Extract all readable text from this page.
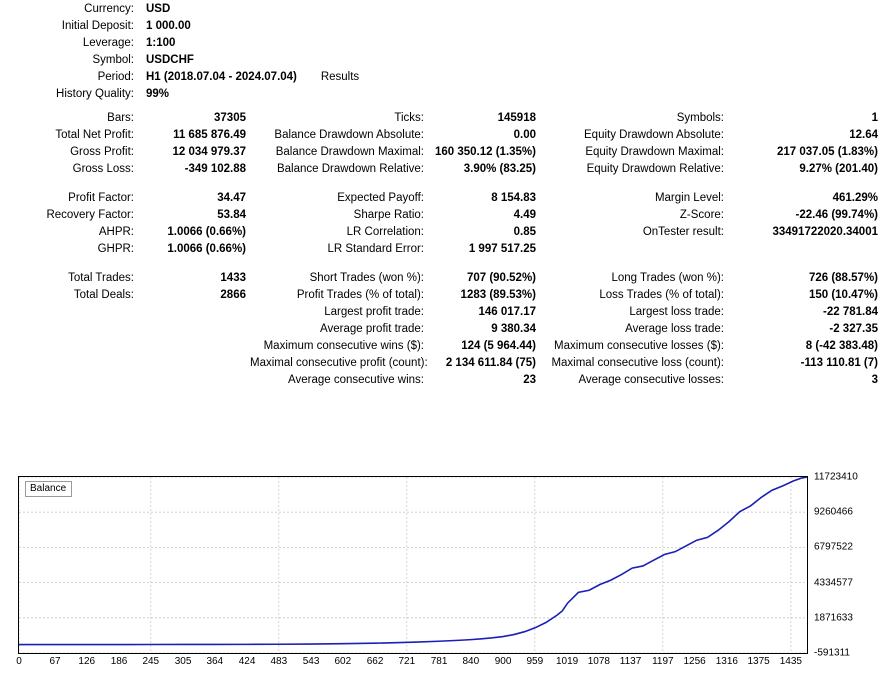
Currency:	USD				
Initial Deposit:	1 000.00				
Leverage:	1:100				
Symbol:	USDCHF				
Period:	H1 (2018.07.04 - 2024.07.04)	Results			
History Quality:	99%				

Bars:	37305	Ticks:	145918	Symbols:	1
Total Net Profit:	11 685 876.49	Balance Drawdown Absolute:	0.00	Equity Drawdown Absolute:	12.64
Gross Profit:	12 034 979.37	Balance Drawdown Maximal:	160 350.12 (1.35%)	Equity Drawdown Maximal:	217 037.05 (1.83%)
Gross Loss:	-349 102.88	Balance Drawdown Relative:	3.90% (83.25)	Equity Drawdown Relative:	9.27% (201.40)

Profit Factor:	34.47	Expected Payoff:	8 154.83	Margin Level:	461.29%
Recovery Factor:	53.84	Sharpe Ratio:	4.49	Z-Score:	-22.46 (99.74%)
AHPR:	1.0066 (0.66%)	LR Correlation:	0.85	OnTester result:	33491722020.34001
GHPR:	1.0066 (0.66%)	LR Standard Error:	1 997 517.25		

Total Trades:	1433	Short Trades (won %):	707 (90.52%)	Long Trades (won %):	726 (88.57%)
Total Deals:	2866	Profit Trades (% of total):	1283 (89.53%)	Loss Trades (% of total):	150 (10.47%)
		Largest profit trade:	146 017.17	Largest loss trade:	-22 781.84
		Average profit trade:	9 380.34	Average loss trade:	-2 327.35
		Maximum consecutive wins ($):	124 (5 964.44)	Maximum consecutive losses ($):	8 (-42 383.48)
		Maximal consecutive profit (count):	2 134 611.84 (75)	Maximal consecutive loss (count):	-113 110.81 (7)
		Average consecutive wins:	23	Average consecutive losses:	3
Balance
11723410
9260466
6797522
4334577
1871633
-591311
0	67 126 186 245 305 364 424 483 543 602 662 721 781 840 900 959 1019 1078 1137 1197 1256 1316 1375 1435
